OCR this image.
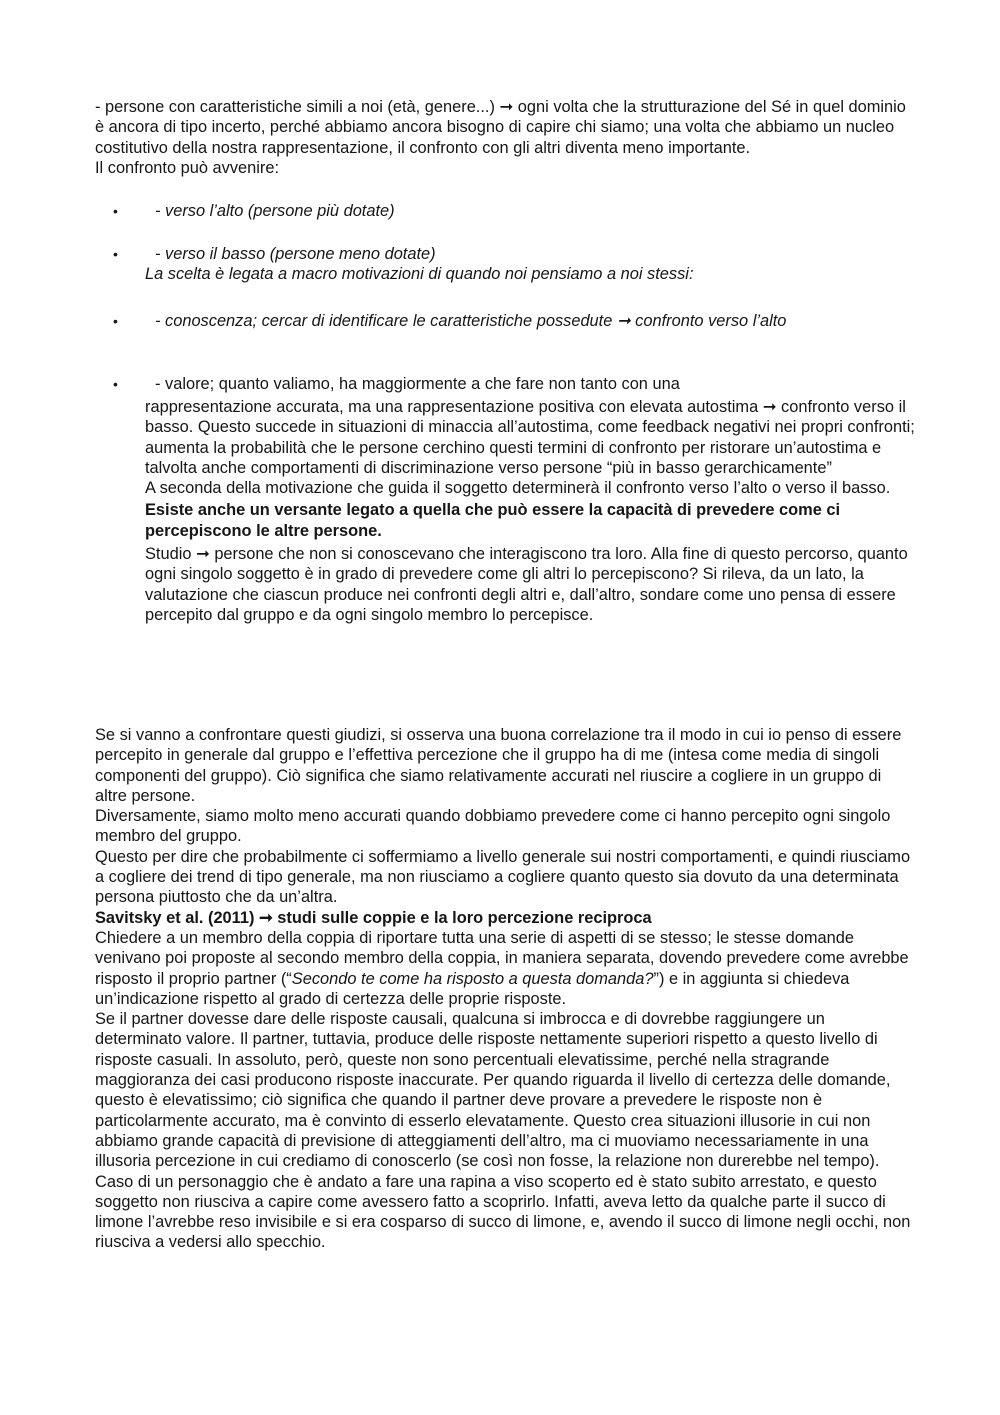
- persone con caratteristiche simili a noi (età, genere...) ➞ ogni volta che la strutturazione del Sé in quel dominio è ancora di tipo incerto, perché abbiamo ancora bisogno di capire chi siamo; una volta che abbiamo un nucleo costitutivo della nostra rappresentazione, il confronto con gli altri diventa meno importante.

Il confronto può avvenire:

• - verso l’alto (persone più dotate)

• - verso il basso (persone meno dotate)

La scelta è legata a macro motivazioni di quando noi pensiamo a noi stessi:

•	- conoscenza; cercar di identificare le caratteristiche possedute ➞ confronto verso l’alto

• - valore; quanto valiamo, ha maggiormente a che fare non tanto con una

rappresentazione accurata, ma una rappresentazione positiva con elevata autostima ➞ confronto verso il basso. Questo succede in situazioni di minaccia all’autostima, come feedback negativi nei propri confronti; aumenta la probabilità che le persone cerchino questi termini di confronto per ristorare un’autostima e talvolta anche comportamenti di discriminazione verso persone “più in basso gerarchicamente”

A seconda della motivazione che guida il soggetto determinerà il confronto verso l’alto o verso il basso.

Esiste anche un versante legato a quella che può essere la capacità di prevedere come ci percepiscono le altre persone.

Studio ➞ persone che non si conoscevano che interagiscono tra loro. Alla fine di questo percorso, quanto ogni singolo soggetto è in grado di prevedere come gli altri lo percepiscono? Si rileva, da un lato, la valutazione che ciascun produce nei confronti degli altri e, dall’altro, sondare come uno pensa di essere percepito dal gruppo e da ogni singolo membro lo percepisce.

Se si vanno a confrontare questi giudizi, si osserva una buona correlazione tra il modo in cui io penso di essere percepito in generale dal gruppo e l’effettiva percezione che il gruppo ha di me (intesa come media di singoli componenti del gruppo). Ciò significa che siamo relativamente accurati nel riuscire a cogliere in un gruppo di altre persone.

Diversamente, siamo molto meno accurati quando dobbiamo prevedere come ci hanno percepito ogni singolo membro del gruppo.

Questo per dire che probabilmente ci soffermiamo a livello generale sui nostri comportamenti, e quindi riusciamo a cogliere dei trend di tipo generale, ma non riusciamo a cogliere quanto questo sia dovuto da una determinata persona piuttosto che da un’altra.

Savitsky et al. (2011) ➞ studi sulle coppie e la loro percezione reciproca

Chiedere a un membro della coppia di riportare tutta una serie di aspetti di se stesso; le stesse domande venivano poi proposte al secondo membro della coppia, in maniera separata, dovendo prevedere come avrebbe risposto il proprio partner (“Secondo te come ha risposto a questa domanda?”) e in aggiunta si chiedeva un’indicazione rispetto al grado di certezza delle proprie risposte.

Se il partner dovesse dare delle risposte causali, qualcuna si imbrocca e di dovrebbe raggiungere un determinato valore. Il partner, tuttavia, produce delle risposte nettamente superiori rispetto a questo livello di risposte casuali. In assoluto, però, queste non sono percentuali elevatissime, perché nella stragrande maggioranza dei casi producono risposte inaccurate. Per quando riguarda il livello di certezza delle domande, questo è elevatissimo; ciò significa che quando il partner deve provare a prevedere le risposte non è particolarmente accurato, ma è convinto di esserlo elevatamente. Questo crea situazioni illusorie in cui non abbiamo grande capacità di previsione di atteggiamenti dell’altro, ma ci muoviamo necessariamente in una illusoria percezione in cui crediamo di conoscerlo (se così non fosse, la relazione non durerebbe nel tempo).

Caso di un personaggio che è andato a fare una rapina a viso scoperto ed è stato subito arrestato, e questo soggetto non riusciva a capire come avessero fatto a scoprirlo. Infatti, aveva letto da qualche parte il succo di limone l’avrebbe reso invisibile e si era cosparso di succo di limone, e, avendo il succo di limone negli occhi, non riusciva a vedersi allo specchio.
